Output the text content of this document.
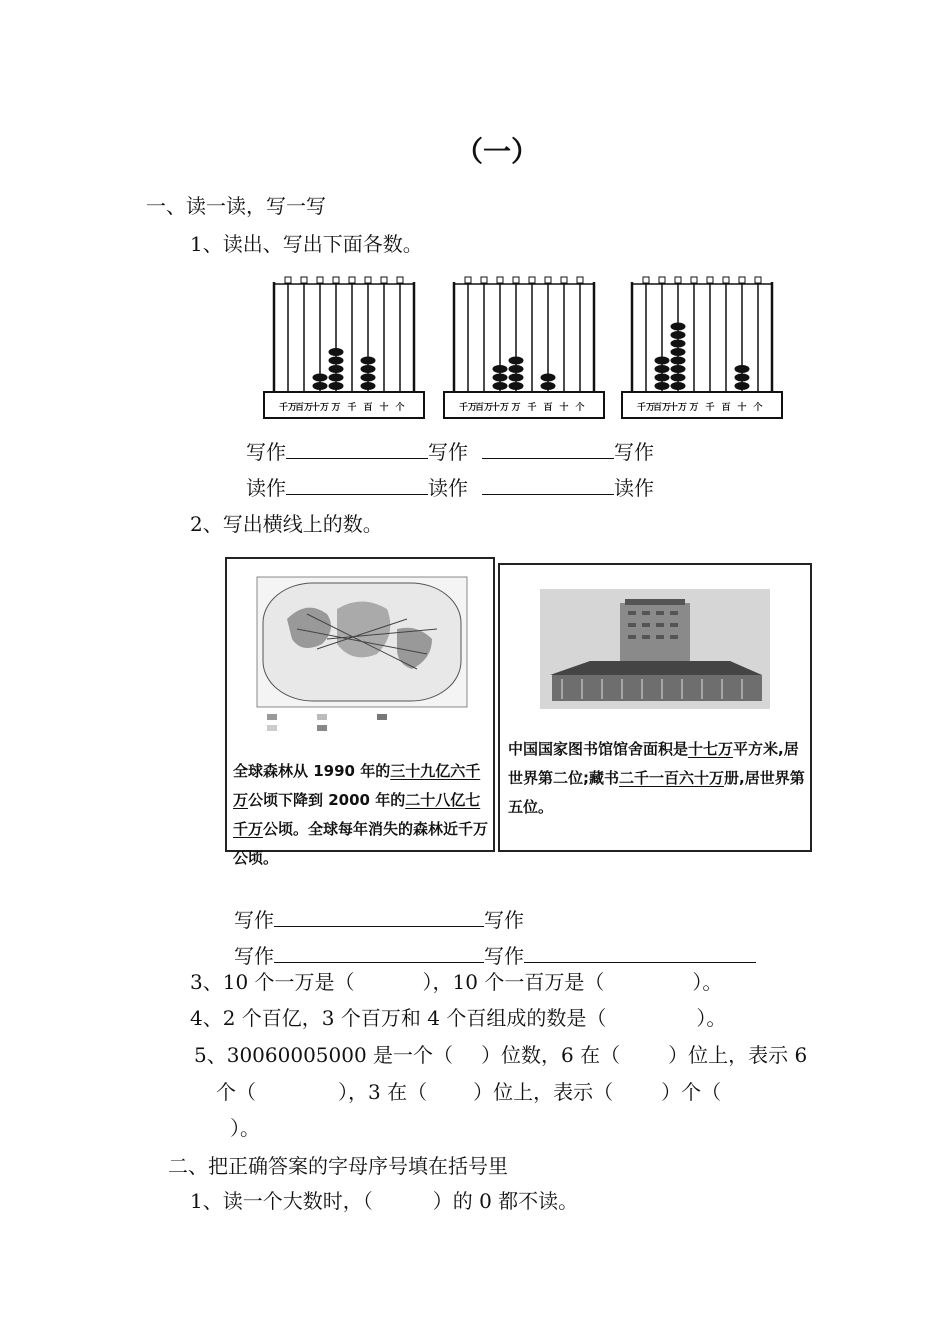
（一）
一、读一读，写一写
1、读出、写出下面各数。
千万
百万
十万 万 千 百 十 个	千万
百万
十万 万 千 百 十 个	千万
百万
十万 万 千 百 十 个
写作	写作	写作
读作	读作	读作
2、写出横线上的数。
全球森林从 1990 年的三十九亿六千万公顷下降到 2000 年的二十八亿七千万公顷。全球每年消失的森林近千万公顷。
中国国家图书馆馆舍面积是十七万平方米,居世界第二位;藏书二千一百六十万册,居世界第五位。
写作	写作
写作	写作
3、10 个一万是（	），10 个一百万是（	）。
4、2 个百亿，3 个百万和 4 个百组成的数是（	）。
5、30060005000 是一个（ ）位数，6 在（ ）位上，表示 6
个（	），3 在（ ）位上，表示（ ）个（
）。
二、把正确答案的字母序号填在括号里
1、读一个大数时，（	）的 0 都不读。
